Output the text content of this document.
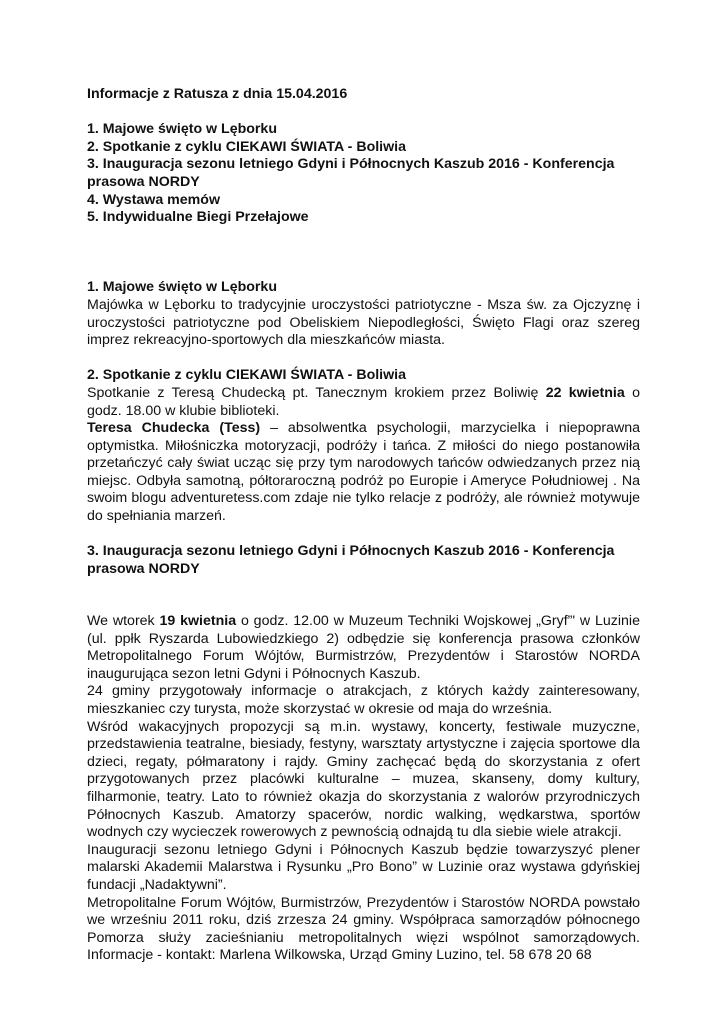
Informacje z Ratusza z dnia 15.04.2016

1. Majowe święto w Lęborku

2. Spotkanie z cyklu CIEKAWI ŚWIATA - Boliwia

3. Inauguracja sezonu letniego Gdyni i Północnych Kaszub 2016 - Konferencja prasowa NORDY

4. Wystawa memów

5. Indywidualne Biegi Przełajowe

1. Majowe święto w Lęborku

Majówka w Lęborku to tradycyjnie uroczystości patriotyczne - Msza św. za Ojczyznę i uroczystości patriotyczne pod Obeliskiem Niepodległości, Święto Flagi oraz szereg imprez rekreacyjno-sportowych dla mieszkańców miasta.

2. Spotkanie z cyklu CIEKAWI ŚWIATA - Boliwia

Spotkanie z Teresą Chudecką pt. Tanecznym krokiem przez Boliwię 22 kwietnia o godz. 18.00 w klubie biblioteki.

Teresa Chudecka (Tess) – absolwentka psychologii, marzycielka i niepoprawna optymistka. Miłośniczka motoryzacji, podróży i tańca. Z miłości do niego postanowiła przetańczyć cały świat ucząc się przy tym narodowych tańców odwiedzanych przez nią miejsc. Odbyła samotną, półtoraroczną podróż po Europie i Ameryce Południowej . Na swoim blogu adventuretess.com zdaje nie tylko relacje z podróży, ale również motywuje do spełniania marzeń.

3. Inauguracja sezonu letniego Gdyni i Północnych Kaszub 2016 - Konferencja prasowa NORDY

We wtorek 19 kwietnia o godz. 12.00 w Muzeum Techniki Wojskowej „Gryf”' w Luzinie (ul. ppłk Ryszarda Lubowiedzkiego 2) odbędzie się konferencja prasowa członków Metropolitalnego Forum Wójtów, Burmistrzów, Prezydentów i Starostów NORDA inaugurująca sezon letni Gdyni i Północnych Kaszub.

24 gminy przygotowały informacje o atrakcjach, z których każdy zainteresowany, mieszkaniec czy turysta, może skorzystać w okresie od maja do września.

Wśród wakacyjnych propozycji są m.in. wystawy, koncerty, festiwale muzyczne, przedstawienia teatralne, biesiady, festyny, warsztaty artystyczne i zajęcia sportowe dla dzieci, regaty, półmaratony i rajdy. Gminy zachęcać będą do skorzystania z ofert przygotowanych przez placówki kulturalne – muzea, skanseny, domy kultury, filharmonie, teatry. Lato to również okazja do skorzystania z walorów przyrodniczych Północnych Kaszub. Amatorzy spacerów, nordic walking, wędkarstwa, sportów wodnych czy wycieczek rowerowych z pewnością odnajdą tu dla siebie wiele atrakcji.

Inauguracji sezonu letniego Gdyni i Północnych Kaszub będzie towarzyszyć plener malarski Akademii Malarstwa i Rysunku „Pro Bono” w Luzinie oraz wystawa gdyńskiej fundacji „Nadaktywni”.

Metropolitalne Forum Wójtów, Burmistrzów, Prezydentów i Starostów NORDA powstało we wrześniu 2011 roku, dziś zrzesza 24 gminy. Współpraca samorządów północnego Pomorza służy zacieśnianiu metropolitalnych więzi wspólnot samorządowych. Informacje - kontakt: Marlena Wilkowska, Urząd Gminy Luzino, tel. 58 678 20 68
